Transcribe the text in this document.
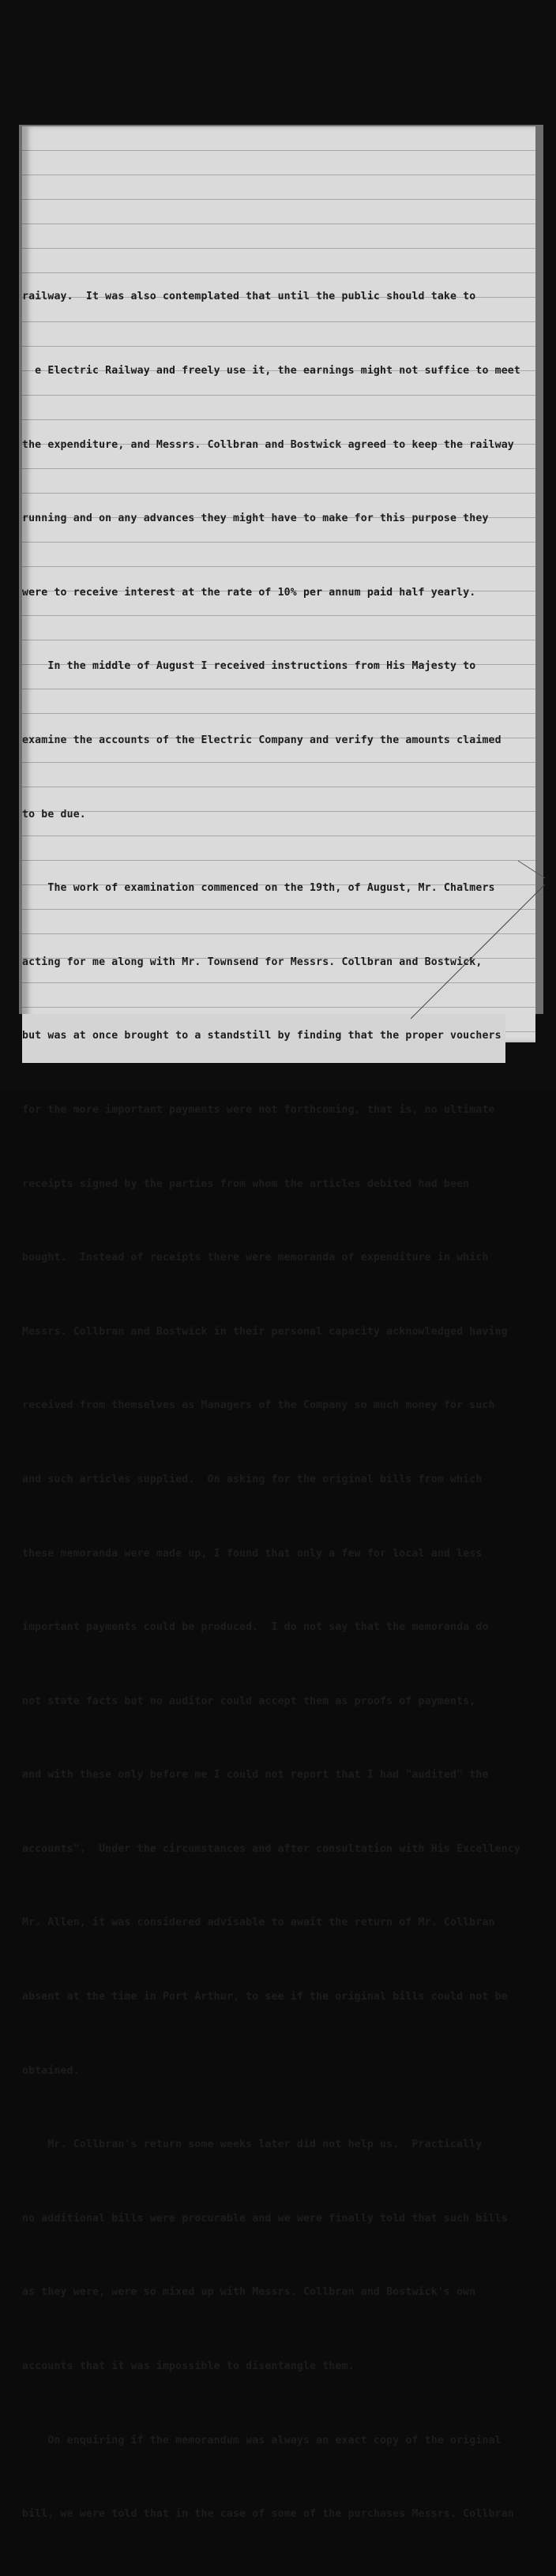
railway.  It was also contemplated that until the public should take to

e Electric Railway and freely use it, the earnings might not suffice to meet

the expenditure, and Messrs. Collbran and Bostwick agreed to keep the railway

running and on any advances they might have to make for this purpose they

were to receive interest at the rate of 10% per annum paid half yearly.

In the middle of August I received instructions from His Majesty to

examine the accounts of the Electric Company and verify the amounts claimed

to be due.

The work of examination commenced on the 19th, of August, Mr. Chalmers

acting for me along with Mr. Townsend for Messrs. Collbran and Bostwick,

but was at once brought to a standstill by finding that the proper vouchers

for the more important payments were not forthcoming, that is, no ultimate

receipts signed by the parties from whom the articles debited had been

bought.  Instead of receipts there were memoranda of expenditure in which

Messrs. Collbran and Bostwick in their personal capacity acknowledged having

received from themselves as Managers of the Company so much money for such

and such articles supplied.  On asking for the original bills from which

these memoranda were made up, I found that only a few for local and less

important payments could be produced.  I do not say that the memoranda do

not state facts but no auditor could accept them as proofs of payments,

and with these only before me I could not report that I had "audited" the

accounts".  Under the circumstances and after consultation with His Excellency

Mr. Allen, it was considered advisable to await the return of Mr. Collbran

absent at the time in Port Arthur, to see if the original bills could not be

obtained.

Mr. Collbran's return some weeks later did not help us.  Practically

no additional bills were procurable and we were finally told that such bills

as they were, were so mixed up with Messrs. Collbran and Bostwick's own

accounts that it was impossible to disentangle them.

On enquiring if the memorandum was always an exact copy of the original

bill, we were told that in the case of some of the purchases Messrs. Collbran
